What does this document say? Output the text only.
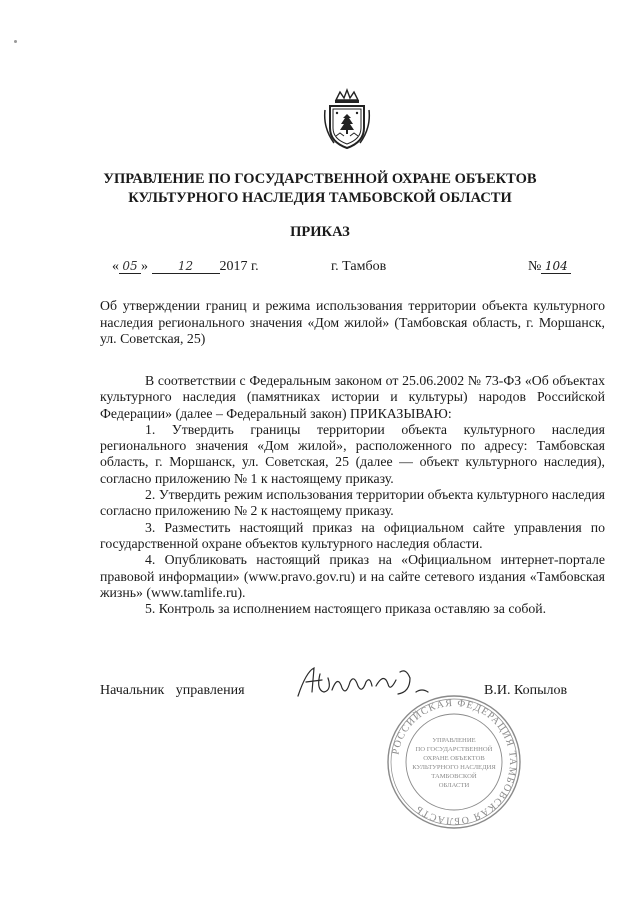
УПРАВЛЕНИЕ ПО ГОСУДАРСТВЕННОЙ ОХРАНЕ ОБЪЕКТОВ
КУЛЬТУРНОГО НАСЛЕДИЯ ТАМБОВСКОЙ ОБЛАСТИ
ПРИКАЗ
« 05 » 12 2017 г.	г. Тамбов	№ 104
Об утверждении границ и режима использования территории объекта культурного наследия регионального значения «Дом жилой» (Тамбовская область, г. Моршанск, ул. Советская, 25)

В соответствии с Федеральным законом от 25.06.2002 № 73-ФЗ «Об объектах культурного наследия (памятниках истории и культуры) народов Российской Федерации» (далее – Федеральный закон) ПРИКАЗЫВАЮ:

1. Утвердить границы территории объекта культурного наследия регионального значения «Дом жилой», расположенного по адресу: Тамбовская область, г. Моршанск, ул. Советская, 25 (далее — объект культурного наследия), согласно приложению № 1 к настоящему приказу.

2. Утвердить режим использования территории объекта культурного наследия согласно приложению № 2 к настоящему приказу.

3. Разместить настоящий приказ на официальном сайте управления по государственной охране объектов культурного наследия области.

4. Опубликовать настоящий приказ на «Официальном интернет-портале правовой информации» (www.pravo.gov.ru) и на сайте сетевого издания «Тамбовская жизнь» (www.tamlife.ru).

5. Контроль за исполнением настоящего приказа оставляю за собой.

Начальник управления	В.И. Копылов
РОССИЙСКАЯ ФЕДЕРАЦИЯ ТАМБОВСКАЯ ОБЛАСТЬ
УПРАВЛЕНИЕ
ПО ГОСУДАРСТВЕННОЙ
ОХРАНЕ ОБЪЕКТОВ
КУЛЬТУРНОГО НАСЛЕДИЯ
ТАМБОВСКОЙ
ОБЛАСТИ
